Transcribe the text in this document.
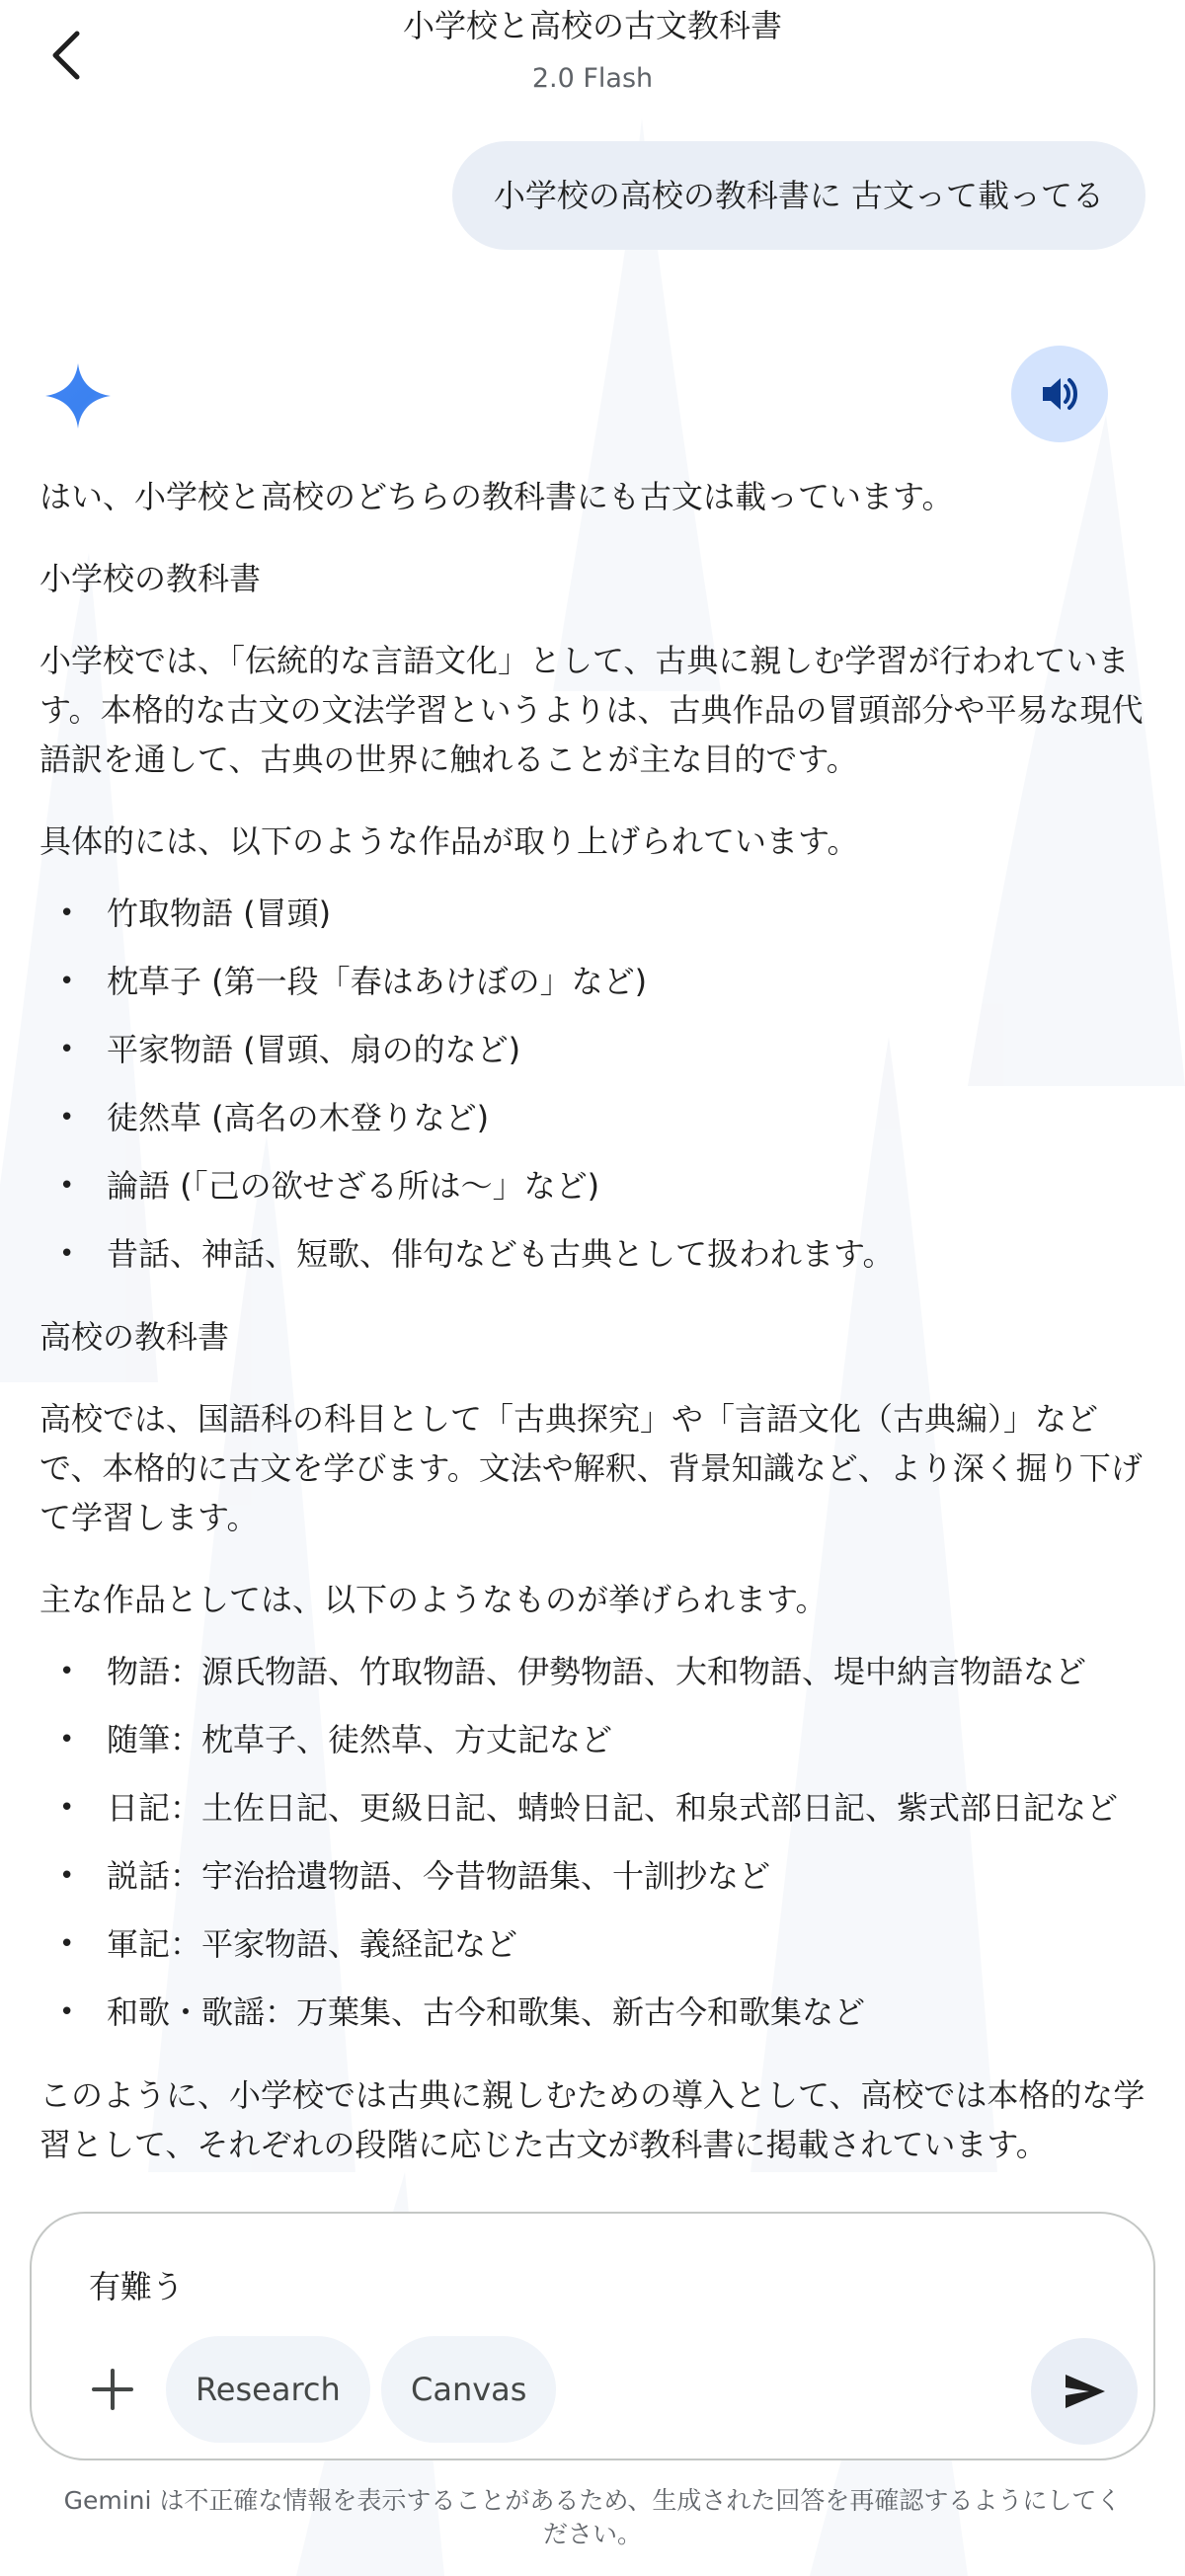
小学校と高校の古文教科書
2.0 Flash
小学校の高校の教科書に 古文って載ってる

はい、小学校と高校のどちらの教科書にも古文は載っています。

小学校の教科書

小学校では、「伝統的な言語文化」として、古典に親しむ学習が行われています。本格的な古文の文法学習というよりは、古典作品の冒頭部分や平易な現代語訳を通して、古典の世界に触れることが主な目的です。

具体的には、以下のような作品が取り上げられています。

• 竹取物語 (冒頭)
• 枕草子 (第一段「春はあけぼの」など)
• 平家物語 (冒頭、扇の的など)
• 徒然草 (高名の木登りなど)
• 論語 (「己の欲せざる所は〜」など)
• 昔話、神話、短歌、俳句なども古典として扱われます。

高校の教科書

高校では、国語科の科目として「古典探究」や「言語文化（古典編）」などで、本格的に古文を学びます。文法や解釈、背景知識など、より深く掘り下げて学習します。

主な作品としては、以下のようなものが挙げられます。

• 物語：源氏物語、竹取物語、伊勢物語、大和物語、堤中納言物語など
• 随筆：枕草子、徒然草、方丈記など
• 日記：土佐日記、更級日記、蜻蛉日記、和泉式部日記、紫式部日記など
• 説話：宇治拾遺物語、今昔物語集、十訓抄など
• 軍記：平家物語、義経記など
• 和歌・歌謡：万葉集、古今和歌集、新古今和歌集など

このように、小学校では古典に親しむための導入として、高校では本格的な学習として、それぞれの段階に応じた古文が教科書に掲載されています。

有難う
Research	Canvas
Gemini は不正確な情報を表示することがあるため、生成された回答を再確認するようにしてください。
